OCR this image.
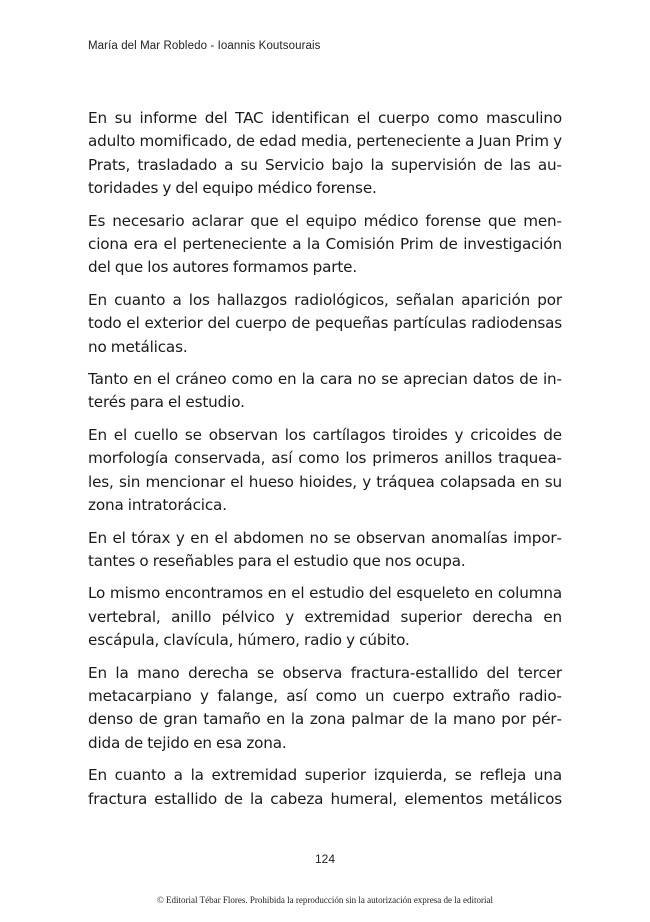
María del Mar Robledo - Ioannis Koutsourais

En su informe del TAC identifican el cuerpo como masculino adulto momificado, de edad media, perteneciente a Juan Prim y Prats, trasladado a su Servicio bajo la supervisión de las autoridades y del equipo médico forense.

Es necesario aclarar que el equipo médico forense que menciona era el perteneciente a la Comisión Prim de investigación del que los autores formamos parte.

En cuanto a los hallazgos radiológicos, señalan aparición por todo el exterior del cuerpo de pequeñas partículas radiodensas no metálicas.

Tanto en el cráneo como en la cara no se aprecian datos de interés para el estudio.

En el cuello se observan los cartílagos tiroides y cricoides de morfología conservada, así como los primeros anillos traqueales, sin mencionar el hueso hioides, y tráquea colapsada en su zona intratorácica.

En el tórax y en el abdomen no se observan anomalías importantes o reseñables para el estudio que nos ocupa.

Lo mismo encontramos en el estudio del esqueleto en columna vertebral, anillo pélvico y extremidad superior derecha en escápula, clavícula, húmero, radio y cúbito.

En la mano derecha se observa fractura-estallido del tercer metacarpiano y falange, así como un cuerpo extraño radiodenso de gran tamaño en la zona palmar de la mano por pérdida de tejido en esa zona.

En cuanto a la extremidad superior izquierda, se refleja una fractura estallido de la cabeza humeral, elementos metálicos

124
© Editorial Tébar Flores. Prohibida la reproducción sin la autorización expresa de la editorial
